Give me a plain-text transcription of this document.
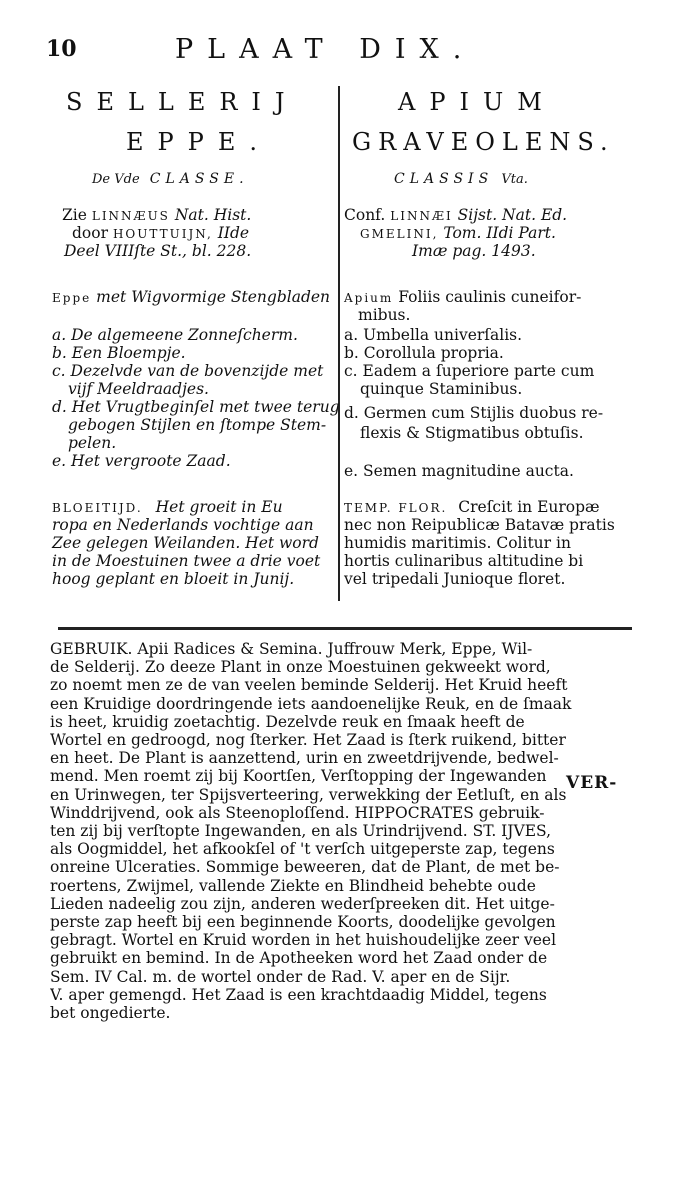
10	PLAAT DIX.
SELLERIJ
EPPE.
De Vde CLASSE.
Zie LINNÆUS Nat. Hist.
door HOUTTUIJN, IIde
Deel VIIIſte St., bl. 228.
Eppe met Wigvormige Stengbladen
a. De algemeene Zonneſcherm.
b. Een Bloempje.
c. Dezelvde van de bovenzijde met
vijf Meeldraadjes.
d. Het Vrugtbeginſel met twee terug
gebogen Stijlen en ſtompe Stem-
pelen.
e. Het vergroote Zaad.
BLOEITIJD. Het groeit in Eu
ropa en Nederlands vochtige aan
Zee gelegen Weilanden. Het word
in de Moestuinen twee a drie voet
hoog geplant en bloeit in Junij.
APIUM
GRAVEOLENS.
CLASSIS Vta.
Conf. LINNÆI Sijst. Nat. Ed.
GMELINI, Tom. IIdi Part.
Imæ pag. 1493.
Apium Foliis caulinis cuneifor-
mibus.
a. Umbella univerſalis.
b. Corollula propria.
c. Eadem a ſuperiore parte cum
quinque Staminibus.
d. Germen cum Stijlis duobus re-
flexis & Stigmatibus obtuſis.
e. Semen magnitudine aucta.
TEMP. FLOR. Creſcit in Europæ
nec non Reipublicæ Batavæ pratis
humidis maritimis. Colitur in
hortis culinaribus altitudine bi
vel tripedali Junioque floret.
GEBRUIK. Apii Radices & Semina. Juffrouw Merk, Eppe, Wil-
de Selderij. Zo deeze Plant in onze Moestuinen gekweekt word,
zo noemt men ze de van veelen beminde Selderij. Het Kruid heeft
een Kruidige doordringende iets aandoenelijke Reuk, en de ſmaak
is heet, kruidig zoetachtig. Dezelvde reuk en ſmaak heeft de
Wortel en gedroogd, nog ſterker. Het Zaad is ſterk ruikend, bitter
en heet. De Plant is aanzettend, urin en zweetdrijvende, bedwel-
mend. Men roemt zij bij Koortſen, Verſtopping der Ingewanden
en Urinwegen, ter Spijsverteering, verwekking der Eetluſt, en als
Winddrijvend, ook als Steenoploſſend. HIPPOCRATES gebruik-
ten zij bij verſtopte Ingewanden, en als Urindrijvend. ST. IJVES,
als Oogmiddel, het afkookſel of 't verſch uitgeperste zap, tegens
onreine Ulceraties. Sommige beweeren, dat de Plant, de met be-
roertens, Zwijmel, vallende Ziekte en Blindheid behebte oude
Lieden nadeelig zou zijn, anderen wederſpreeken dit. Het uitge-
perste zap heeft bij een beginnende Koorts, doodelijke gevolgen
gebragt. Wortel en Kruid worden in het huishoudelijke zeer veel
gebruikt en bemind. In de Apotheeken word het Zaad onder de
Sem. IV Cal. m. de wortel onder de Rad. V. aper en de Sijr.
V. aper gemengd. Het Zaad is een krachtdaadig Middel, tegens
bet ongedierte.
VER-
